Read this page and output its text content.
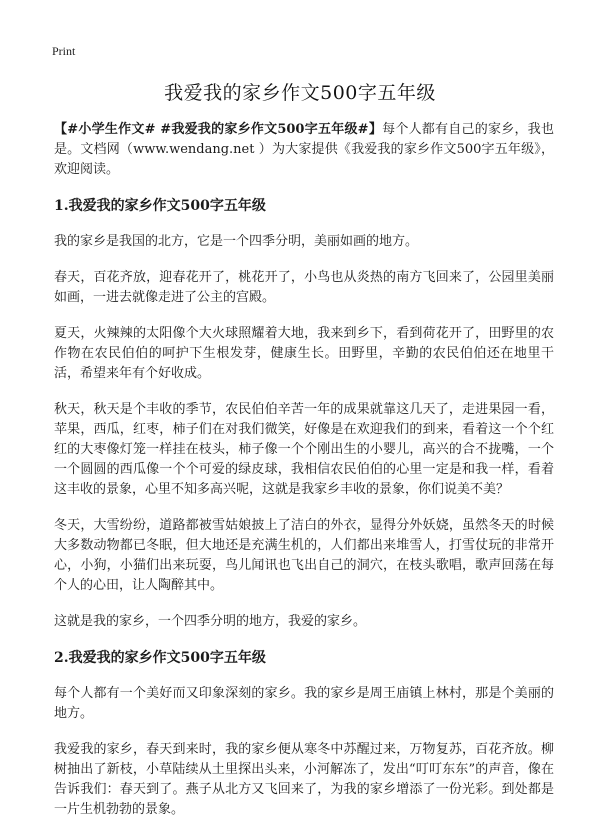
Print
我爱我的家乡作文500字五年级

【#小学生作文# #我爱我的家乡作文500字五年级#】每个人都有自己的家乡，我也是。文档网（www.wendang.net ）为大家提供《我爱我的家乡作文500字五年级》，欢迎阅读。

1.我爱我的家乡作文500字五年级

我的家乡是我国的北方，它是一个四季分明，美丽如画的地方。

春天，百花齐放，迎春花开了，桃花开了，小鸟也从炎热的南方飞回来了，公园里美丽如画，一进去就像走进了公主的宫殿。

夏天，火辣辣的太阳像个大火球照耀着大地，我来到乡下，看到荷花开了，田野里的农作物在农民伯伯的呵护下生根发芽，健康生长。田野里，辛勤的农民伯伯还在地里干活，希望来年有个好收成。

秋天，秋天是个丰收的季节，农民伯伯辛苦一年的成果就靠这几天了，走进果园一看，苹果，西瓜，红枣，柿子们在对我们微笑，好像是在欢迎我们的到来，看着这一个个红红的大枣像灯笼一样挂在枝头，柿子像一个个刚出生的小婴儿，高兴的合不拢嘴，一个一个圆圆的西瓜像一个个可爱的绿皮球，我相信农民伯伯的心里一定是和我一样，看着这丰收的景象，心里不知多高兴呢，这就是我家乡丰收的景象，你们说美不美？

冬天，大雪纷纷，道路都被雪姑娘披上了洁白的外衣，显得分外妖娆，虽然冬天的时候大多数动物都已冬眠，但大地还是充满生机的，人们都出来堆雪人，打雪仗玩的非常开心，小狗，小猫们出来玩耍，鸟儿闻讯也飞出自己的洞穴，在枝头歌唱，歌声回荡在每个人的心田，让人陶醉其中。

这就是我的家乡，一个四季分明的地方，我爱的家乡。

2.我爱我的家乡作文500字五年级

每个人都有一个美好而又印象深刻的家乡。我的家乡是周王庙镇上林村，那是个美丽的地方。

我爱我的家乡，春天到来时，我的家乡便从寒冬中苏醒过来，万物复苏，百花齐放。柳树抽出了新枝，小草陆续从土里探出头来，小河解冻了，发出“叮叮东东”的声音，像在告诉我们：春天到了。燕子从北方又飞回来了，为我的家乡增添了一份光彩。到处都是一片生机勃勃的景象。
